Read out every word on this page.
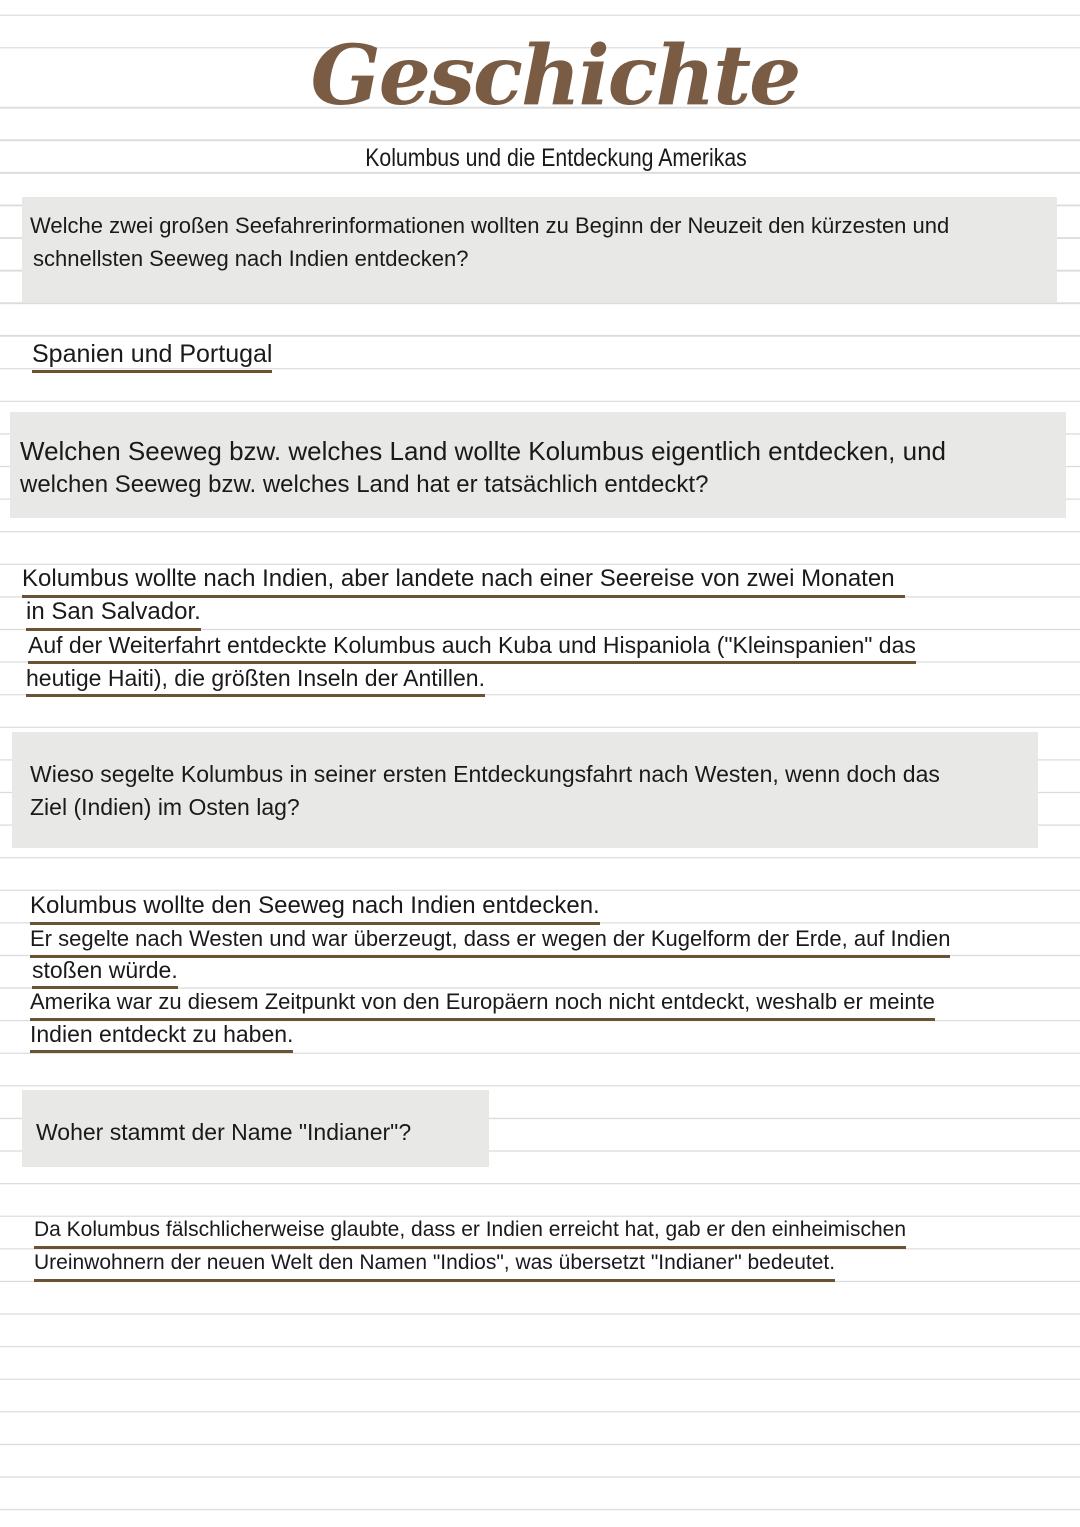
Geschichte
Kolumbus und die Entdeckung Amerikas
Welche zwei großen Seefahrerinformationen wollten zu Beginn der Neuzeit den kürzesten und
schnellsten Seeweg nach Indien entdecken?
Spanien und Portugal
Welchen Seeweg bzw. welches Land wollte Kolumbus eigentlich entdecken, und
welchen Seeweg bzw. welches Land hat er tatsächlich entdeckt?
Kolumbus wollte nach Indien, aber landete nach einer Seereise von zwei Monaten
in San Salvador.
Auf der Weiterfahrt entdeckte Kolumbus auch Kuba und Hispaniola ("Kleinspanien" das
heutige Haiti), die größten Inseln der Antillen.
Wieso segelte Kolumbus in seiner ersten Entdeckungsfahrt nach Westen, wenn doch das
Ziel (Indien) im Osten lag?
Kolumbus wollte den Seeweg nach Indien entdecken.
Er segelte nach Westen und war überzeugt, dass er wegen der Kugelform der Erde, auf Indien
stoßen würde.
Amerika war zu diesem Zeitpunkt von den Europäern noch nicht entdeckt, weshalb er meinte
Indien entdeckt zu haben.
Woher stammt der Name "Indianer"?
Da Kolumbus fälschlicherweise glaubte, dass er Indien erreicht hat, gab er den einheimischen
Ureinwohnern der neuen Welt den Namen "Indios", was übersetzt "Indianer" bedeutet.
